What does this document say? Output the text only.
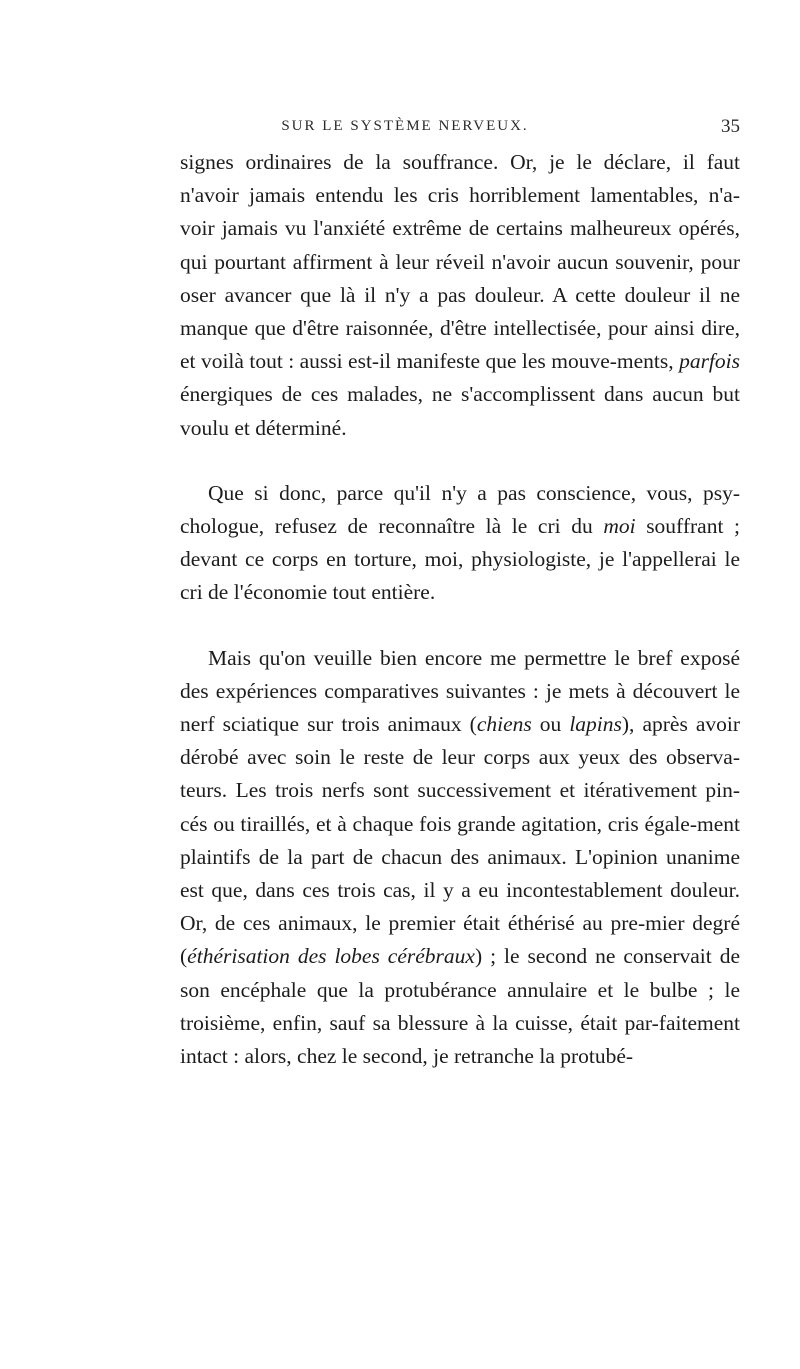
SUR LE SYSTÈME NERVEUX.	35

signes ordinaires de la souffrance. Or, je le déclare, il faut n'avoir jamais entendu les cris horriblement lamentables, n'a-voir jamais vu l'anxiété extrême de certains malheureux opérés, qui pourtant affirment à leur réveil n'avoir aucun souvenir, pour oser avancer que là il n'y a pas douleur. A cette douleur il ne manque que d'être raisonnée, d'être intellectisée, pour ainsi dire, et voilà tout : aussi est-il manifeste que les mouve-ments, parfois énergiques de ces malades, ne s'accomplissent dans aucun but voulu et déterminé.

Que si donc, parce qu'il n'y a pas conscience, vous, psy-chologue, refusez de reconnaître là le cri du moi souffrant ; devant ce corps en torture, moi, physiologiste, je l'appellerai le cri de l'économie tout entière.

Mais qu'on veuille bien encore me permettre le bref exposé des expériences comparatives suivantes : je mets à découvert le nerf sciatique sur trois animaux (chiens ou lapins), après avoir dérobé avec soin le reste de leur corps aux yeux des observa-teurs. Les trois nerfs sont successivement et itérativement pin-cés ou tiraillés, et à chaque fois grande agitation, cris égale-ment plaintifs de la part de chacun des animaux. L'opinion unanime est que, dans ces trois cas, il y a eu incontestablement douleur. Or, de ces animaux, le premier était éthérisé au pre-mier degré (éthérisation des lobes cérébraux) ; le second ne conservait de son encéphale que la protubérance annulaire et le bulbe ; le troisième, enfin, sauf sa blessure à la cuisse, était par-faitement intact : alors, chez le second, je retranche la protubé-
